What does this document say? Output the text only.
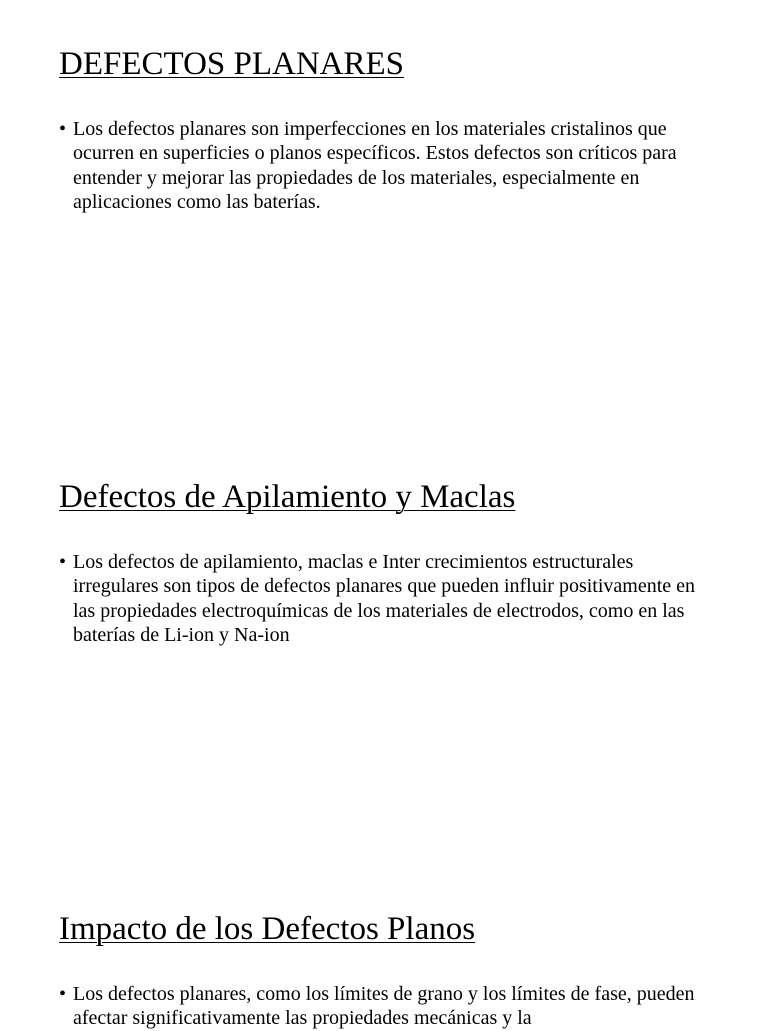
DEFECTOS PLANARES
• Los defectos planares son imperfecciones en los materiales cristalinos que ocurren en superficies o planos específicos. Estos defectos son críticos para entender y mejorar las propiedades de los materiales, especialmente en aplicaciones como las baterías.
Defectos de Apilamiento y Maclas
• Los defectos de apilamiento, maclas e Inter crecimientos estructurales irregulares son tipos de defectos planares que pueden influir positivamente en las propiedades electroquímicas de los materiales de electrodos, como en las baterías de Li-ion y Na-ion
Impacto de los Defectos Planos
• Los defectos planares, como los límites de grano y los límites de fase, pueden afectar significativamente las propiedades mecánicas y la
